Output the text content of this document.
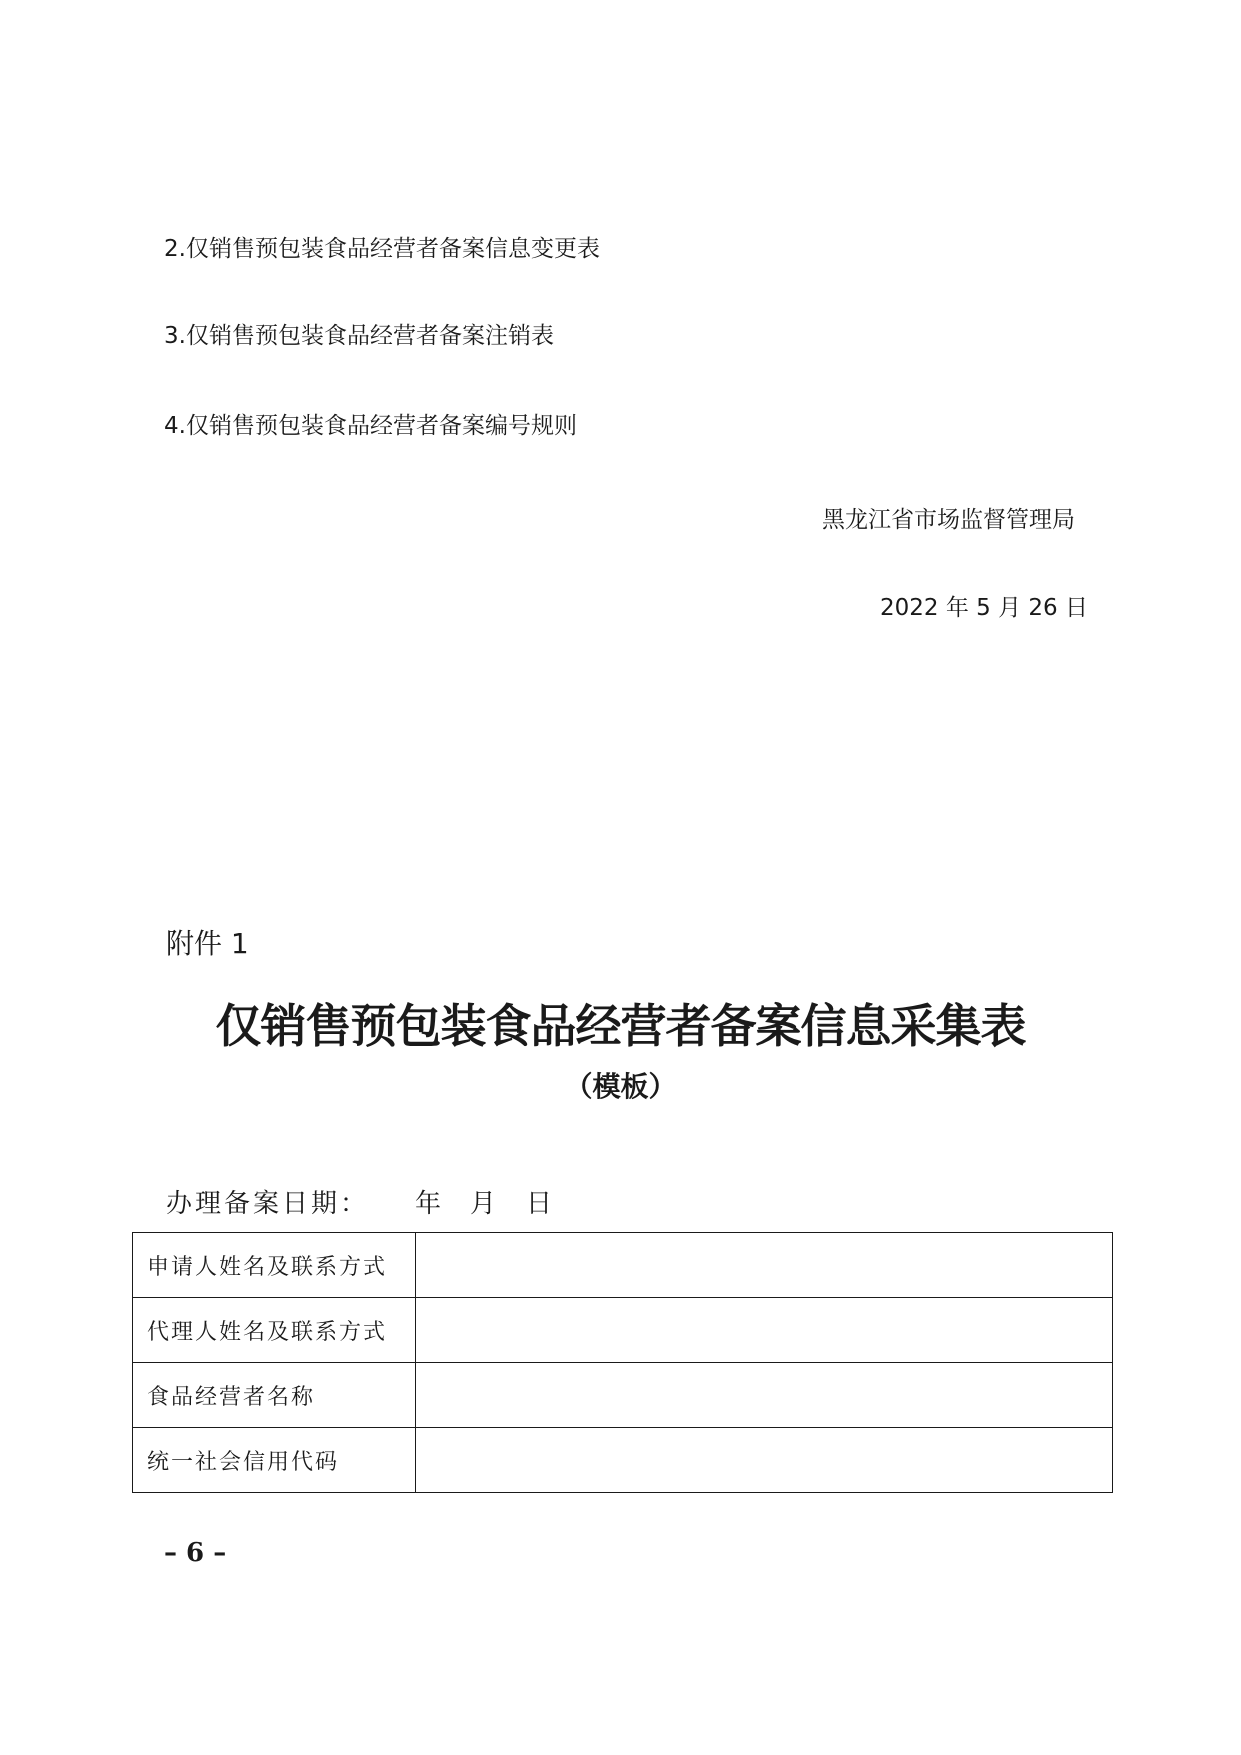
2.仅销售预包装食品经营者备案信息变更表
3.仅销售预包装食品经营者备案注销表
4.仅销售预包装食品经营者备案编号规则
黑龙江省市场监督管理局
2022 年 5 月 26 日
附件 1
仅销售预包装食品经营者备案信息采集表
（模板）
办理备案日期： 年 月 日
申请人姓名及联系方式	
代理人姓名及联系方式	
食品经营者名称	
统一社会信用代码	
– 6 –
